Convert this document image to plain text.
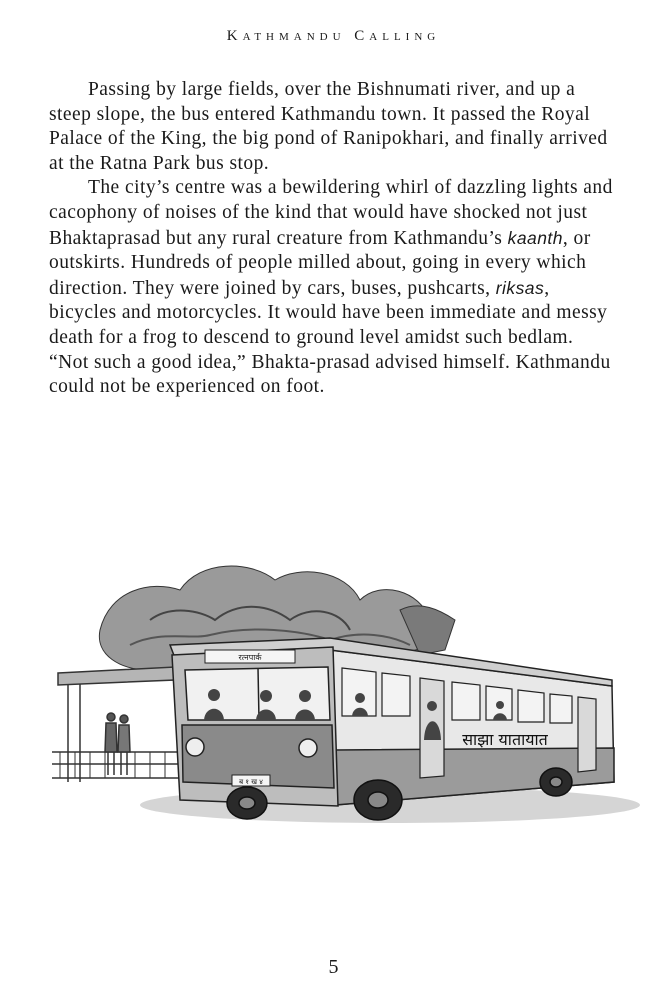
Kathmandu Calling

Passing by large fields, over the Bishnumati river, and up a steep slope, the bus entered Kathmandu town. It passed the Royal Palace of the King, the big pond of Ranipokhari, and finally arrived at the Ratna Park bus stop.

The city’s centre was a bewildering whirl of dazzling lights and cacophony of noises of the kind that would have shocked not just Bhaktaprasad but any rural creature from Kathmandu’s kaanth, or outskirts. Hundreds of people milled about, going in every which direction. They were joined by cars, buses, pushcarts, riksas, bicycles and motorcycles. It would have been immediate and messy death for a frog to descend to ground level amidst such bedlam. “Not such a good idea,” Bhakta-prasad advised himself. Kathmandu could not be experienced on foot.

रत्नपार्क
साझा यातायात
ब १ ख ४
5
